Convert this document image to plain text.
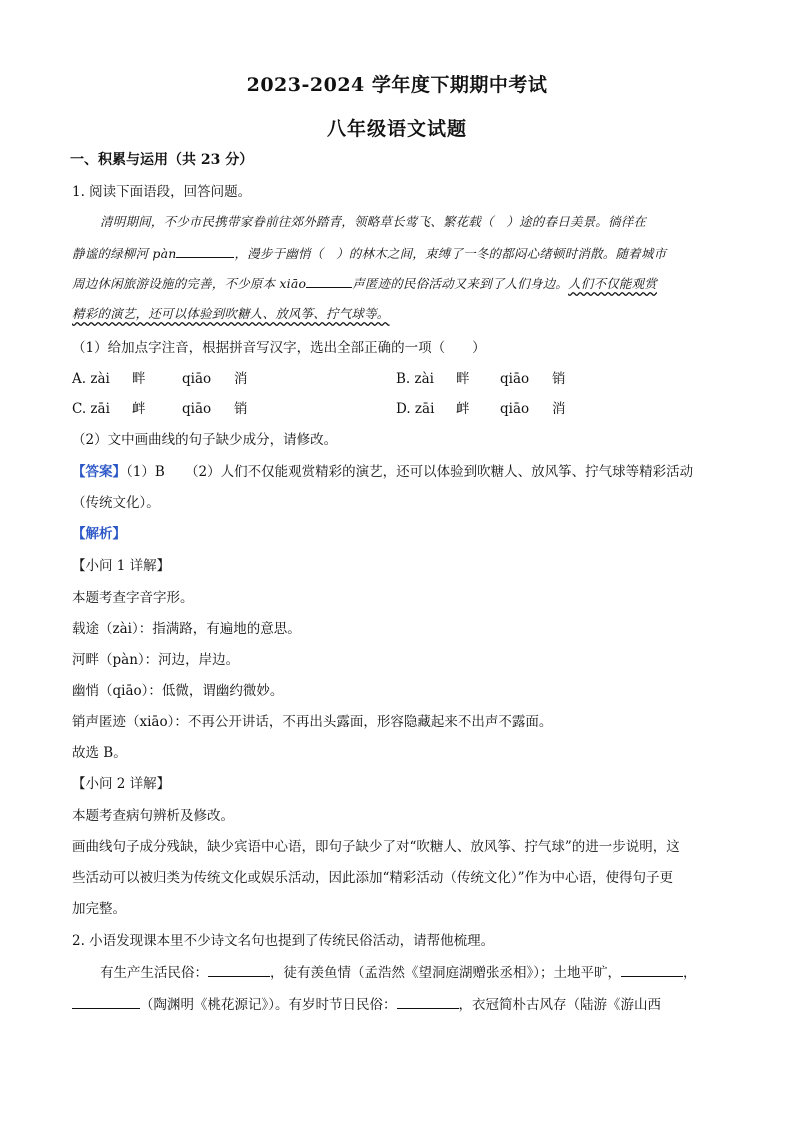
2023-2024 学年度下期期中考试
八年级语文试题
一、积累与运用（共 23 分）
1. 阅读下面语段，回答问题。
清明期间，不少市民携带家眷前往郊外踏青，领略草长莺飞、繁花载（　）途的春日美景。徜徉在
静谧的绿柳河 pàn	，漫步于幽悄（　）的林木之间，束缚了一冬的都闷心绪顿时消散。随着城市
周边休闲旅游设施的完善，不少原本 xiāo	声匿迹的民俗活动又来到了人们身边。人们不仅能观赏
精彩的演艺，还可以体验到吹糖人、放风筝、拧气球等。
（1）给加点字注音，根据拼音写汉字，选出全部正确的一项（　　）
A. zài 畔	qiāo 消	B. zài 畔 qiāo 销
C. zāi 衅	qiāo 销	D. zāi 衅 qiāo 消
（2）文中画曲线的句子缺少成分，请修改。
【答案】（1）B　　（2）人们不仅能观赏精彩的演艺，还可以体验到吹糖人、放风筝、拧气球等精彩活动
（传统文化）。
【解析】
【小问 1 详解】
本题考查字音字形。
载途（zài）：指满路，有遍地的意思。
河畔（pàn）：河边，岸边。
幽悄（qiāo）：低微，谓幽约微妙。
销声匿迹（xiāo）：不再公开讲话，不再出头露面，形容隐藏起来不出声不露面。
故选 B。
【小问 2 详解】
本题考查病句辨析及修改。
画曲线句子成分残缺，缺少宾语中心语，即句子缺少了对“吹糖人、放风筝、拧气球”的进一步说明，这
些活动可以被归类为传统文化或娱乐活动，因此添加“精彩活动（传统文化）”作为中心语，使得句子更
加完整。
2. 小语发现课本里不少诗文名句也提到了传统民俗活动，请帮他梳理。
有生产生活民俗：	，徒有羡鱼情（孟浩然《望洞庭湖赠张丞相》）；土地平旷，	，
（陶渊明《桃花源记》）。有岁时节日民俗：	，衣冠简朴古风存（陆游《游山西
